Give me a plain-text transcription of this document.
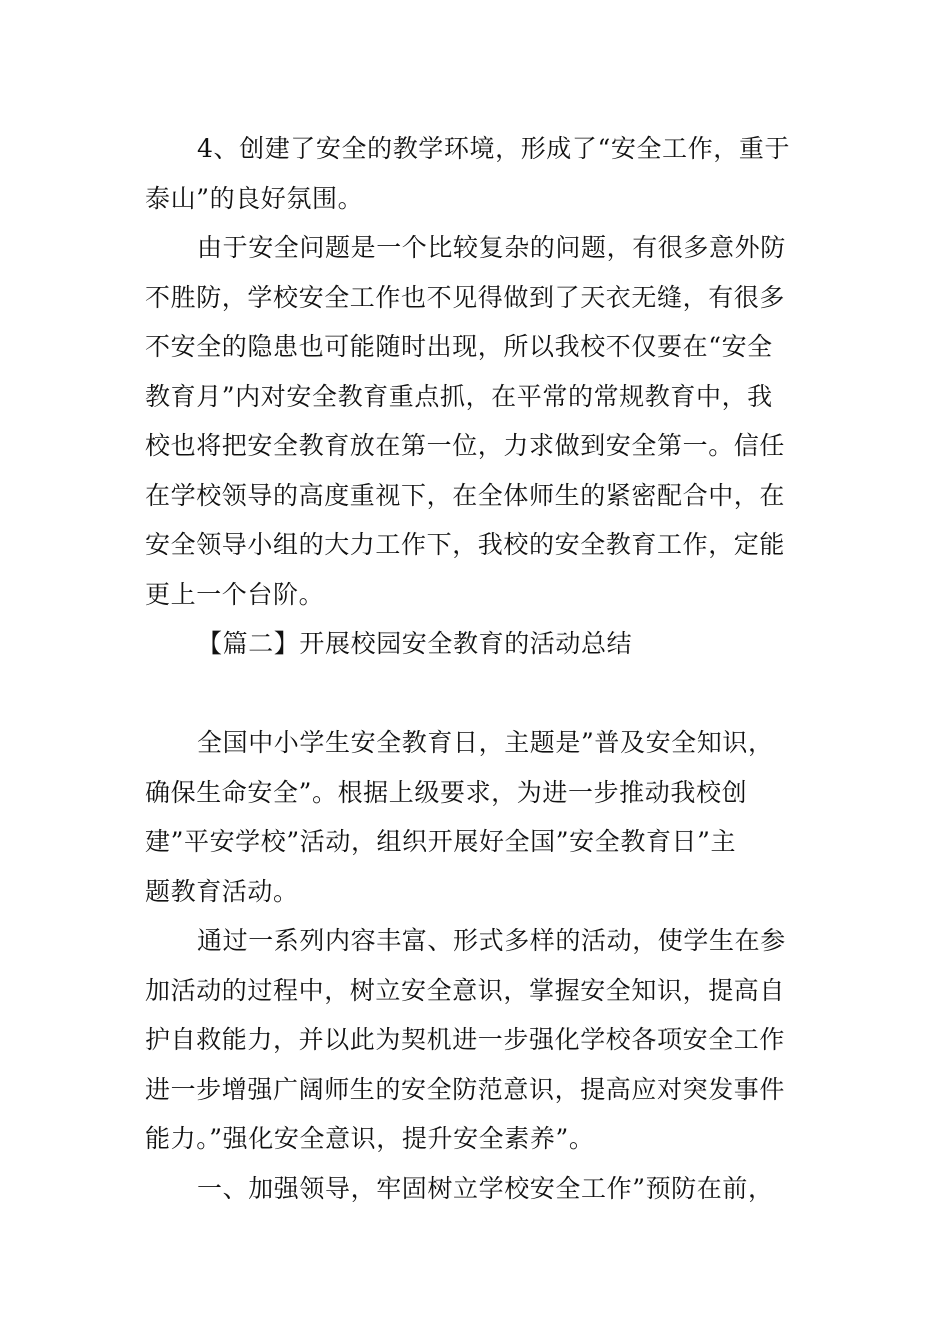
4、创建了安全的教学环境，形成了“安全工作，重于
泰山”的良好氛围。
由于安全问题是一个比较复杂的问题，有很多意外防
不胜防，学校安全工作也不见得做到了天衣无缝，有很多
不安全的隐患也可能随时出现，所以我校不仅要在“安全
教育月”内对安全教育重点抓，在平常的常规教育中，我
校也将把安全教育放在第一位，力求做到安全第一。信任
在学校领导的高度重视下，在全体师生的紧密配合中，在
安全领导小组的大力工作下，我校的安全教育工作，定能
更上一个台阶。
【篇二】开展校园安全教育的活动总结
全国中小学生安全教育日，主题是”普及安全知识，
确保生命安全”。根据上级要求，为进一步推动我校创
建”平安学校”活动，组织开展好全国”安全教育日”主
题教育活动。
通过一系列内容丰富、形式多样的活动，使学生在参
加活动的过程中，树立安全意识，掌握安全知识，提高自
护自救能力，并以此为契机进一步强化学校各项安全工作
进一步增强广阔师生的安全防范意识，提高应对突发事件
能力。”强化安全意识，提升安全素养”。
一、加强领导，牢固树立学校安全工作”预防在前，
